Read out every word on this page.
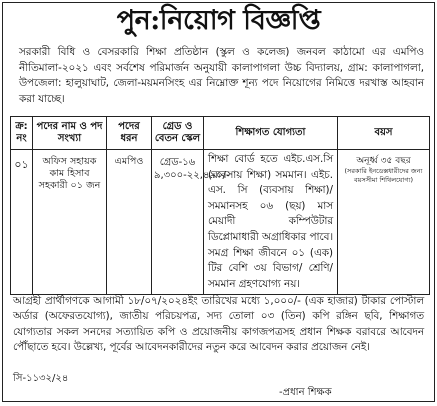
পুন:নিয়োগ বিজ্ঞপ্তি

সরকারী বিধি ও বেসরকারি শিক্ষা প্রতিষ্ঠান (স্কুল ও কলেজ) জনবল কাঠামো এর এমপিও নীতিমালা-২০২১ এবং সর্বশেষ পরিমার্জন অনুযায়ী কালাপাগলা উচ্চ বিদ্যালয়, গ্রাম: কালাপাগলা, উপজেলা: হালুয়াঘাট, জেলা-ময়মনসিংহ এর নিম্নোক্ত শূন্য পদে নিয়োগের নিমিত্তে দরখাস্ত আহবান করা যাচ্ছে।

ক্র: নং	পদের নাম ও পদ সংখ্যা	পদের ধরন	গ্রেড ও বেতন স্কেল	শিক্ষাগত যোগ্যতা	বয়স
০১	অফিস সহায়ক কাম হিসাব সহকারী ০১ জন	এমপিও	গ্রেড-১৬ ৯,৩০০-২২,৪৯০/-	শিক্ষা বোর্ড হতে এইচ.এস.সি (ব্যবসায় শিক্ষা) সমমান। এইচ. এস. সি (ব্যবসায় শিক্ষা)/ সমমানসহ ০৬ (ছয়) মাস মেয়াদী কম্পিউটার ডিপ্লোমাধারী অগ্রাধিকার পাবে। সমগ্র শিক্ষা জীবনে ০১ (এক) টির বেশি ৩য় বিভাগ/ শ্রেণি/ সমমান গ্রহণযোগ্য নয়।	অনূর্ধ্ব ৩৫ বছর
(সরকারি ইনডেক্সধারীদের জন্য বয়সসীমা শিথিলযোগ্য)

আগ্রহী প্রার্থীগণকে আগামী ১৮/০৭/২০২৪ইং তারিখের মধ্যে ১,০০০/- (এক হাজার) টাকার পোস্টাল অর্ডার (অফেরতযোগ্য), জাতীয় পরিচয়পত্র, সদ্য তোলা ০৩ (তিন) কপি রঙ্গিন ছবি, শিক্ষাগত যোগ্যতার সকল সনদের সত্যায়িত কপি ও প্রয়োজনীয় কাগজপত্রসহ প্রধান শিক্ষক বরাবরে আবেদন পৌঁছাতে হবে। উল্লেখ্য, পূর্বের আবেদনকারীদের নতুন করে আবেদন করার প্রয়োজন নেই।

সি-১১৩২/২৪
-প্রধান শিক্ষক
